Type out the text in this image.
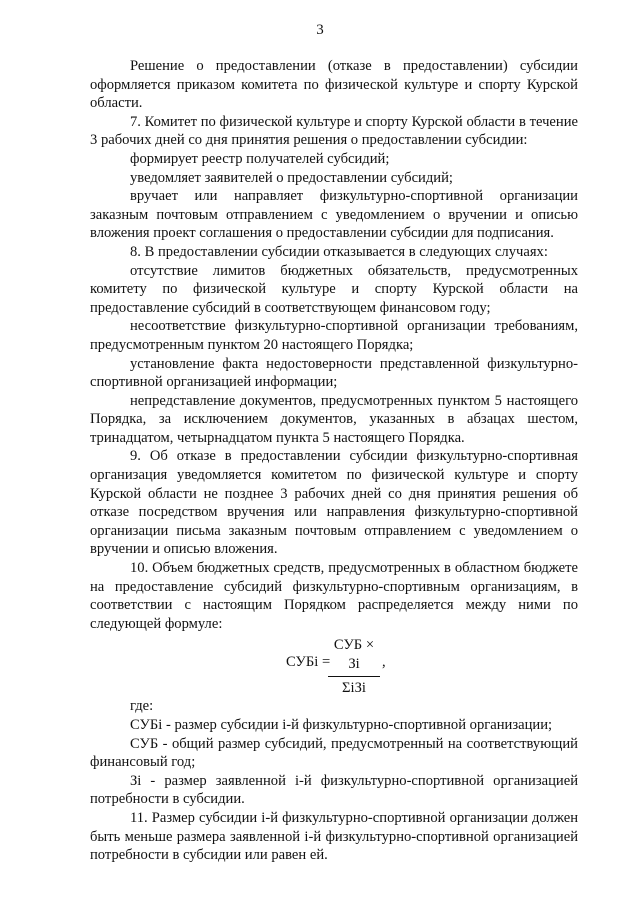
3

Решение о предоставлении (отказе в предоставлении) субсидии оформляется приказом комитета по физической культуре и спорту Курской области.

7. Комитет по физической культуре и спорту Курской области в течение 3 рабочих дней со дня принятия решения о предоставлении субсидии:

формирует реестр получателей субсидий;

уведомляет заявителей о предоставлении субсидий;

вручает или направляет физкультурно-спортивной организации заказным почтовым отправлением с уведомлением о вручении и описью вложения проект соглашения о предоставлении субсидии для подписания.

8. В предоставлении субсидии отказывается в следующих случаях:

отсутствие лимитов бюджетных обязательств, предусмотренных комитету по физической культуре и спорту Курской области на предоставление субсидий в соответствующем финансовом году;

несоответствие физкультурно-спортивной организации требованиям, предусмотренным пунктом 20 настоящего Порядка;

установление факта недостоверности представленной физкультурно-спортивной организацией информации;

непредставление документов, предусмотренных пунктом 5 настоящего Порядка, за исключением документов, указанных в абзацах шестом, тринадцатом, четырнадцатом пункта 5 настоящего Порядка.

9. Об отказе в предоставлении субсидии физкультурно-спортивная организация уведомляется комитетом по физической культуре и спорту Курской области не позднее 3 рабочих дней со дня принятия решения об отказе посредством вручения или направления физкультурно-спортивной организации письма заказным почтовым отправлением с уведомлением о вручении и описью вложения.

10. Объем бюджетных средств, предусмотренных в областном бюджете на предоставление субсидий физкультурно-спортивным организациям, в соответствии с настоящим Порядком распределяется между ними по следующей формуле:

СУБi =
СУБ × Зi
ΣiЗi
,

где:

СУБi - размер субсидии i-й физкультурно-спортивной организации;

СУБ - общий размер субсидий, предусмотренный на соответствующий финансовый год;

Зi - размер заявленной i-й физкультурно-спортивной организацией потребности в субсидии.

11. Размер субсидии i-й физкультурно-спортивной организации должен быть меньше размера заявленной i-й физкультурно-спортивной организацией потребности в субсидии или равен ей.
